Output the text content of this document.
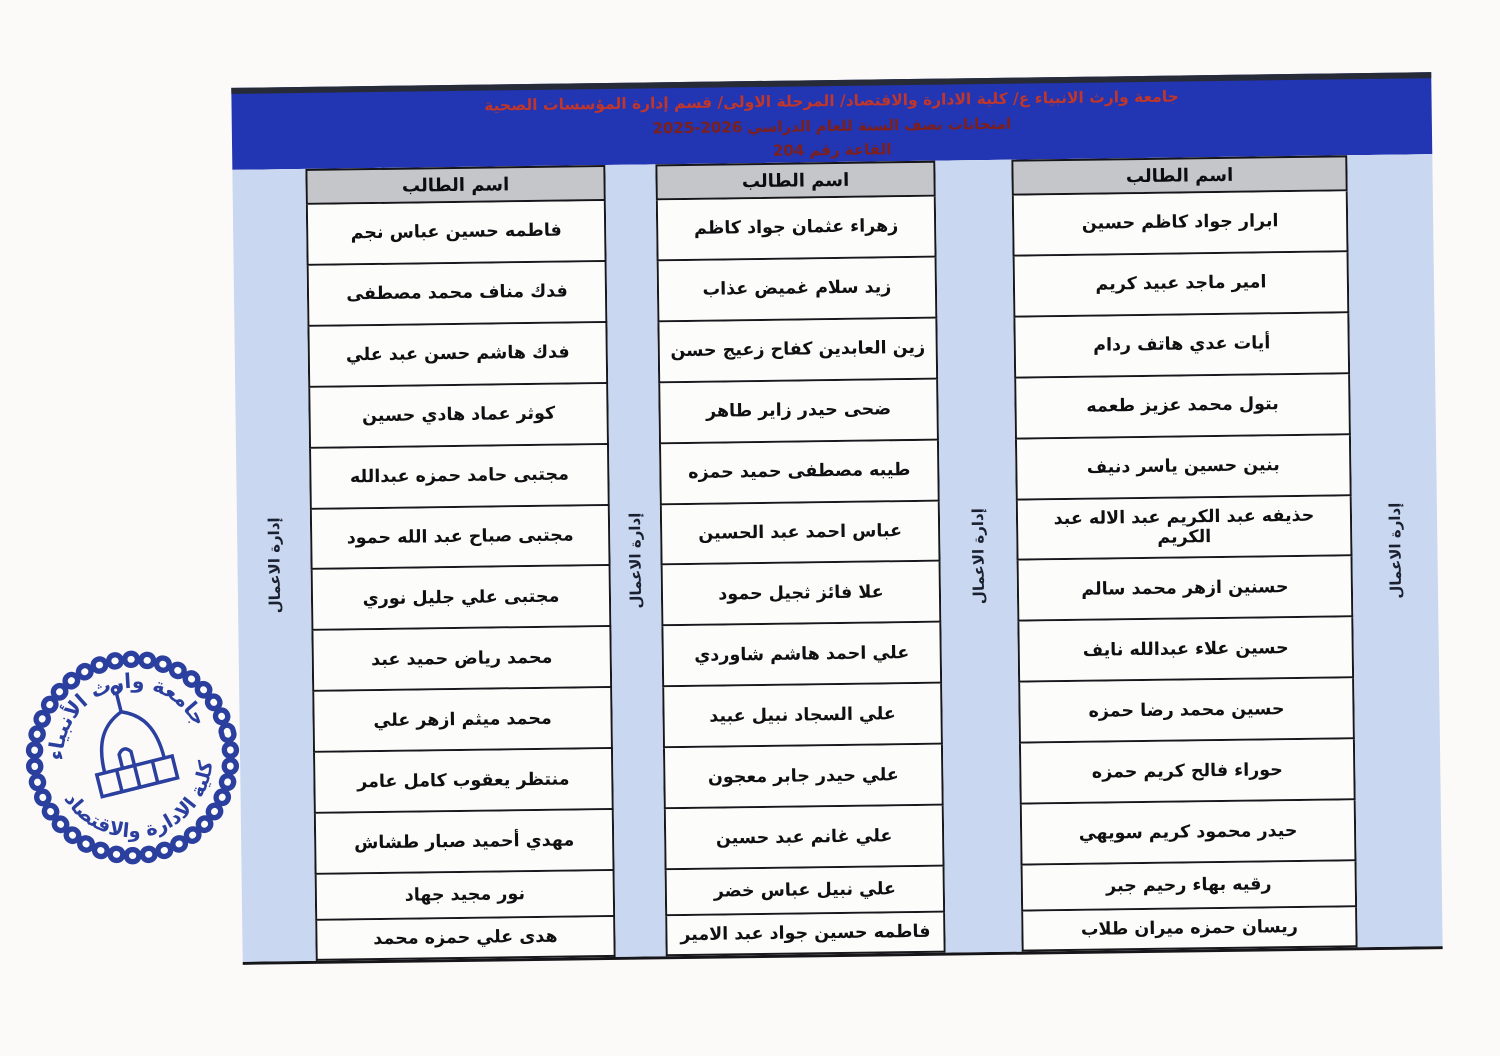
جامعة وارث الانبياء ع/ كلية الادارة والاقتصاد/ المرحلة الاولى/ قسم إدارة المؤسسات الصحية
امتحانات نصف السنة للعام الدراسي 2026-2025
القاعة رقم 204
إدارة الاعمال
اسم الطالب
فاطمه حسين عباس نجم
فدك مناف محمد مصطفى
فدك هاشم حسن عبد علي
كوثر عماد هادي حسين
مجتبى حامد حمزه عبدالله
مجتبى صباح عبد الله حمود
مجتبى علي جليل نوري
محمد رياض حميد عبد
محمد ميثم ازهر علي
منتظر يعقوب كامل عامر
مهدي أحميد صبار طشاش
نور مجيد جهاد
هدى علي حمزه محمد
إدارة الاعمال
اسم الطالب
زهراء عثمان جواد كاظم
زيد سلام غميض عذاب
زين العابدين كفاح زعيج حسن
ضحى حيدر زاير طاهر
طيبه مصطفى حميد حمزه
عباس احمد عبد الحسين
علا فائز ثجيل حمود
علي احمد هاشم شاوردي
علي السجاد نبيل عبيد
علي حيدر جابر معجون
علي غانم عبد حسين
علي نبيل عباس خضر
فاطمه حسين جواد عبد الامير
إدارة الاعمال
اسم الطالب
ابرار جواد كاظم حسين
امير ماجد عبيد كريم
أيات عدي هاتف ردام
بتول محمد عزيز طعمه
بنين حسين ياسر دنيف
حذيفه عبد الكريم عبد الاله عبد الكريم
حسنين ازهر محمد سالم
حسين علاء عبدالله نايف
حسين محمد رضا حمزه
حوراء فالح كريم حمزه
حيدر محمود كريم سويهي
رقيه بهاء رحيم جبر
ريسان حمزه ميران طلاب
إدارة الاعمال
جامعة وارث الأنبياء
كلية الادارة والاقتصاد
